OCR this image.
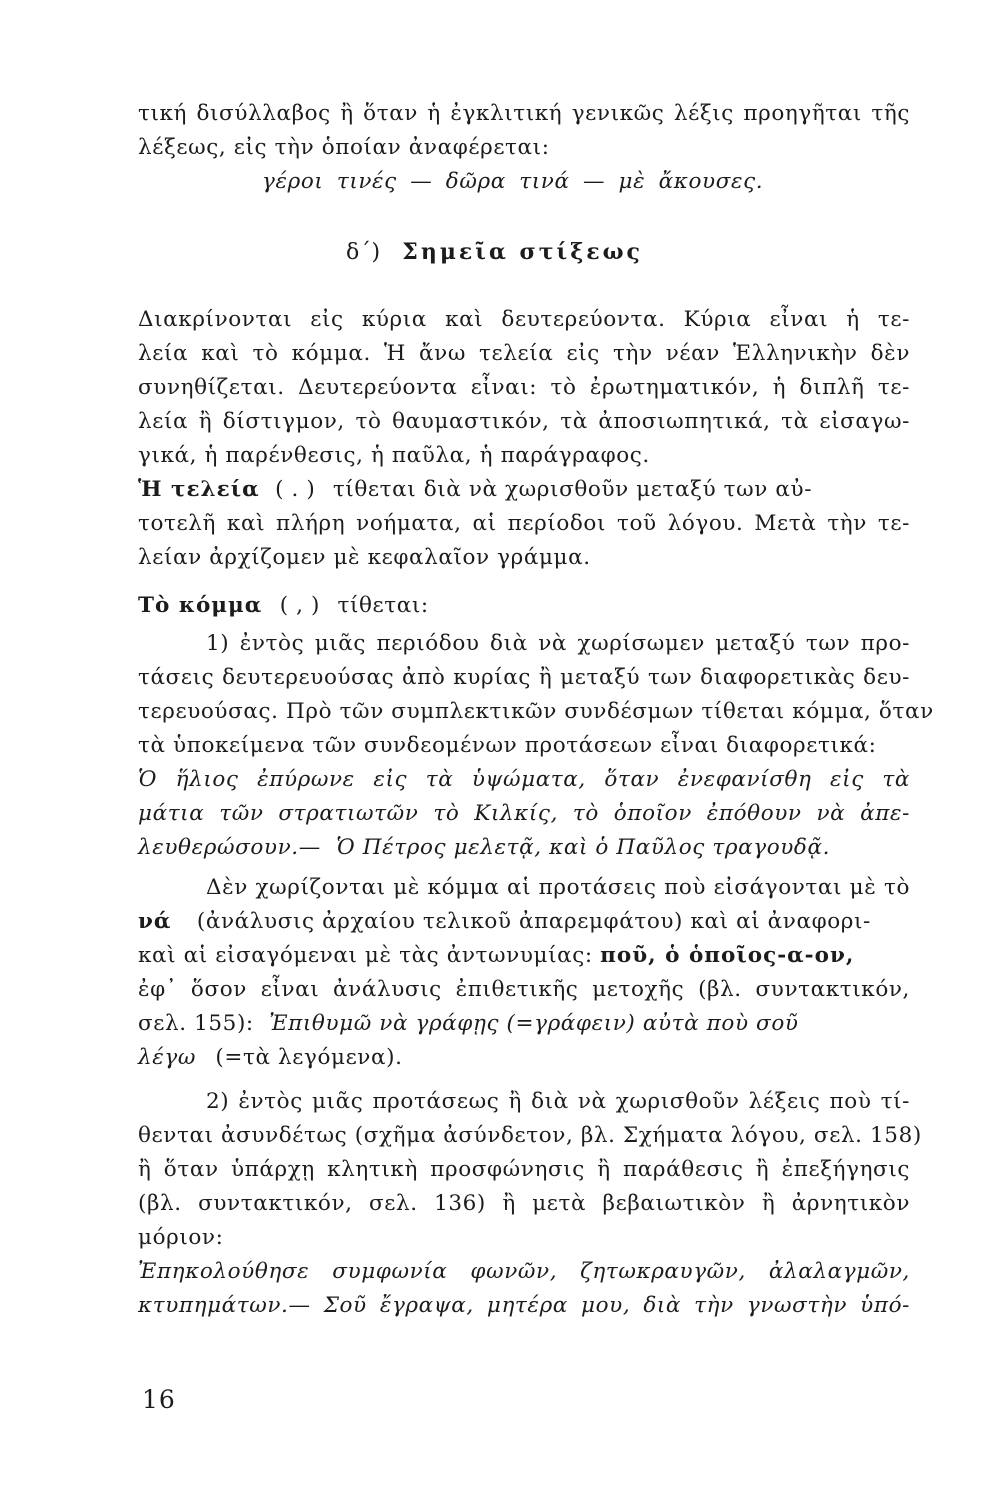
τική δισύλλαβος ἢ ὅταν ἡ ἐγκλιτική γενικῶς λέξις προηγῆται τῆς
λέξεως, εἰς τὴν ὁποίαν ἀναφέρεται:
γέροι τινές — δῶρα τινά — μὲ ἄκουσες.
δ΄) Σημεῖα στίξεως
Διακρίνονται εἰς κύρια καὶ δευτερεύοντα. Κύρια εἶναι ἡ τε-
λεία καὶ τὸ κόμμα. Ἡ ἄνω τελεία εἰς τὴν νέαν Ἑλληνικὴν δὲν
συνηθίζεται. Δευτερεύοντα εἶναι: τὸ ἐρωτηματικόν, ἡ διπλῆ τε-
λεία ἢ δίστιγμον, τὸ θαυμαστικόν, τὰ ἀποσιωπητικά, τὰ εἰσαγω-
γικά, ἡ παρένθεσις, ἡ παῦλα, ἡ παράγραφος.
Ἡ τελεία ( . ) τίθεται διὰ νὰ χωρισθοῦν μεταξύ των αὐ-
τοτελῆ καὶ πλήρη νοήματα, αἱ περίοδοι τοῦ λόγου. Μετὰ τὴν τε-
λείαν ἀρχίζομεν μὲ κεφαλαῖον γράμμα.
Τὸ κόμμα ( , ) τίθεται:
1) ἐντὸς μιᾶς περιόδου διὰ νὰ χωρίσωμεν μεταξύ των προ-
τάσεις δευτερευούσας ἀπὸ κυρίας ἢ μεταξύ των διαφορετικὰς δευ-
τερευούσας. Πρὸ τῶν συμπλεκτικῶν συνδέσμων τίθεται κόμμα, ὅταν
τὰ ὑποκείμενα τῶν συνδεομένων προτάσεων εἶναι διαφορετικά:
Ὁ ἥλιος ἐπύρωνε εἰς τὰ ὑψώματα, ὅταν ἐνεφανίσθη εἰς τὰ
μάτια τῶν στρατιωτῶν τὸ Κιλκίς, τὸ ὁποῖον ἐπόθουν νὰ ἀπε-
λευθερώσουν.— Ὁ Πέτρος μελετᾷ, καὶ ὁ Παῦλος τραγουδᾷ.
Δὲν χωρίζονται μὲ κόμμα αἱ προτάσεις ποὺ εἰσάγονται μὲ τὸ
νά (ἀνάλυσις ἀρχαίου τελικοῦ ἀπαρεμφάτου) καὶ αἱ ἀναφορι-
καὶ αἱ εἰσαγόμεναι μὲ τὰς ἀντωνυμίας: ποῦ, ὁ ὁποῖος-α-ον,
ἐφ᾽ ὅσον εἶναι ἀνάλυσις ἐπιθετικῆς μετοχῆς (βλ. συντακτικόν,
σελ. 155): Ἐπιθυμῶ νὰ γράφῃς (=γράφειν) αὐτὰ ποὺ σοῦ
λέγω (=τὰ λεγόμενα).
2) ἐντὸς μιᾶς προτάσεως ἢ διὰ νὰ χωρισθοῦν λέξεις ποὺ τί-
θενται ἀσυνδέτως (σχῆμα ἀσύνδετον, βλ. Σχήματα λόγου, σελ. 158)
ἢ ὅταν ὑπάρχῃ κλητικὴ προσφώνησις ἢ παράθεσις ἢ ἐπεξήγησις
(βλ. συντακτικόν, σελ. 136) ἢ μετὰ βεβαιωτικὸν ἢ ἀρνητικὸν
μόριον:
Ἐπηκολούθησε συμφωνία φωνῶν, ζητωκραυγῶν, ἀλαλαγμῶν,
κτυπημάτων.— Σοῦ ἔγραψα, μητέρα μου, διὰ τὴν γνωστὴν ὑπό-
16
